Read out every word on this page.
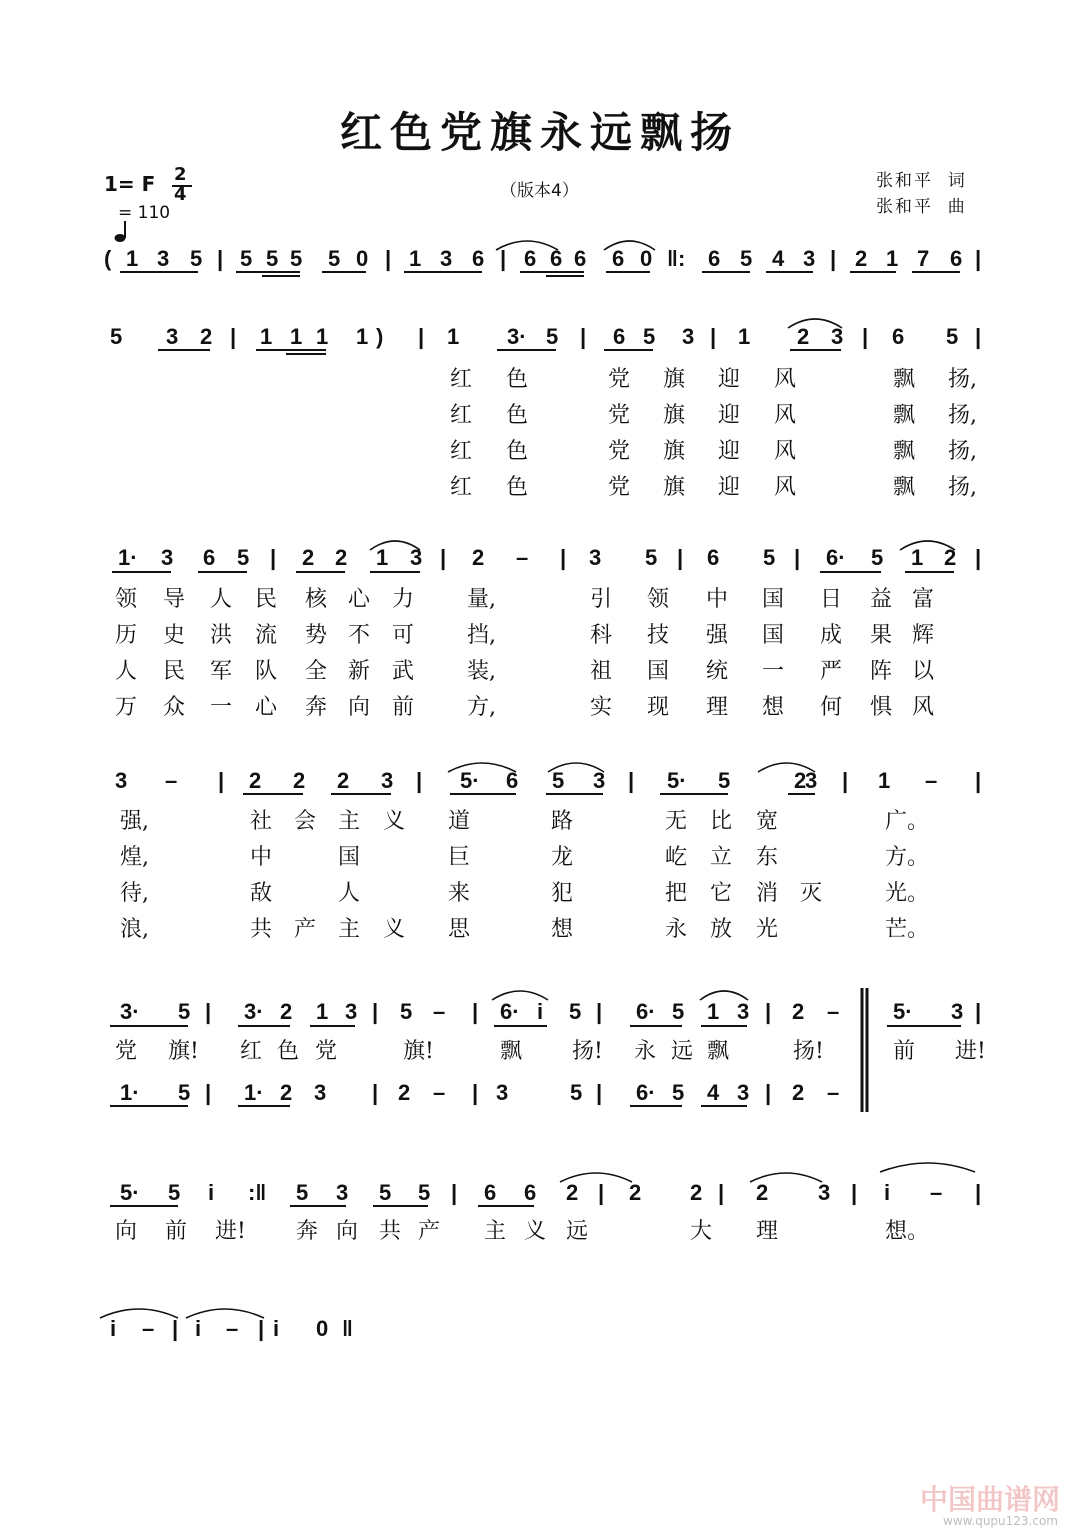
红色党旗永远飘扬
1= F 2
4

= 110
（版本4）	张和平  词
张和平  曲
( 1 3 5 | 5 5 5 5 0 | 1 3 6 | 6 6 6 6 0 ‖: 6 5 4 3 | 2 1 7 6 |
5 3 2 | 1 1 1 1 ) | 1 3· 5 | 6 5 3 | 1 2 3 | 6 5 |
1· 3 6 5 | 2 2 1 3 | 2 – | 3 5 | 6 5 | 6· 5 1 2 |
3 – | 2 2 2 3 | 5· 6 5 3 | 5· 5	2
3 | 1 – |
3· 5 | 3· 2 1 3 | 5 – | 6· i 5 | 6· 5 1 3 | 2 – 5· 3 |
1· 5 | 1· 2 3 | 2 – | 3	5 | 6· 5 4 3 | 2 –
5· 5 i :‖ 5 3 5 5 | 6 6 2 | 2 2 | 2 3 | i – |
i – | i – | i 0 ‖
红 色	党 旗 迎 风	飘 扬,
红 色	党 旗 迎 风	飘 扬,
红 色	党 旗 迎 风	飘 扬,
红 色	党 旗 迎 风	飘 扬,
领 导 人 民 核 心 力 量,	引 领 中 国 日 益 富
历 史 洪 流 势 不 可 挡,	科 技 强 国 成 果 辉
人 民 军 队 全 新 武 装,	祖 国 统 一 严 阵 以
万 众 一 心 奔 向 前 方,	实 现 理 想 何 惧 风
强,	社 会 主 义 道	路	无 比 宽	广。
煌,	中	国	巨	龙	屹 立 东	方。
待,	敌	人	来	犯	把 它 消 灭	光。
浪,	共 产 主 义 思	想	永 放 光	芒。
党 旗! 红 色 党	旗!	飘 扬! 永 远 飘	扬!	前 进!
向 前 进! 奔 向 共 产 主 义 远	大 理	想。
中国曲谱网
www.qupu123.com
